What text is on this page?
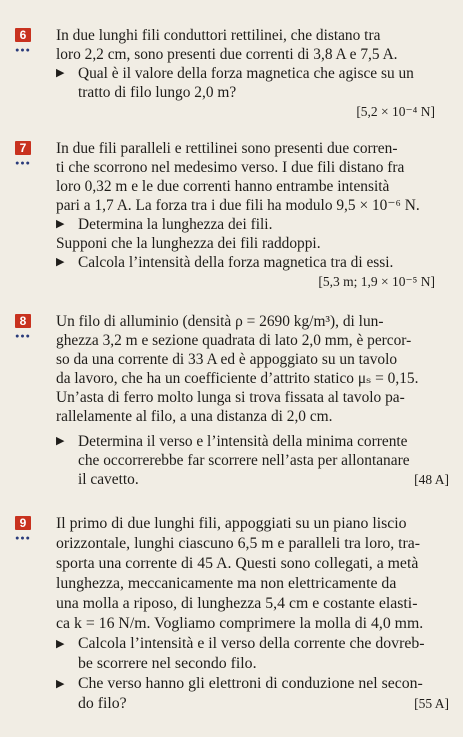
6
●●●
In due lunghi fili conduttori rettilinei, che distano tra
loro 2,2 cm, sono presenti due correnti di 3,8 A e 7,5 A.
▶ Qual è il valore della forza magnetica che agisce su un
tratto di filo lungo 2,0 m?
[5,2 × 10⁻⁴ N]
7
●●●
In due fili paralleli e rettilinei sono presenti due corren-
ti che scorrono nel medesimo verso. I due fili distano fra
loro 0,32 m e le due correnti hanno entrambe intensità
pari a 1,7 A. La forza tra i due fili ha modulo 9,5 × 10⁻⁶ N.
▶ Determina la lunghezza dei fili.
Supponi che la lunghezza dei fili raddoppi.
▶ Calcola l’intensità della forza magnetica tra di essi.
[5,3 m; 1,9 × 10⁻⁵ N]
8
●●●
Un filo di alluminio (densità ρ = 2690 kg/m³), di lun-
ghezza 3,2 m e sezione quadrata di lato 2,0 mm, è percor-
so da una corrente di 33 A ed è appoggiato su un tavolo
da lavoro, che ha un coefficiente d’attrito statico μₛ = 0,15.
Un’asta di ferro molto lunga si trova fissata al tavolo pa-
rallelamente al filo, a una distanza di 2,0 cm.
▶ Determina il verso e l’intensità della minima corrente
che occorrerebbe far scorrere nell’asta per allontanare
il cavetto.	[48 A]
9
●●●
Il primo di due lunghi fili, appoggiati su un piano liscio
orizzontale, lunghi ciascuno 6,5 m e paralleli tra loro, tra-
sporta una corrente di 45 A. Questi sono collegati, a metà
lunghezza, meccanicamente ma non elettricamente da
una molla a riposo, di lunghezza 5,4 cm e costante elasti-
ca k = 16 N/m. Vogliamo comprimere la molla di 4,0 mm.
▶ Calcola l’intensità e il verso della corrente che dovreb-
be scorrere nel secondo filo.
▶ Che verso hanno gli elettroni di conduzione nel secon-
do filo?	[55 A]
